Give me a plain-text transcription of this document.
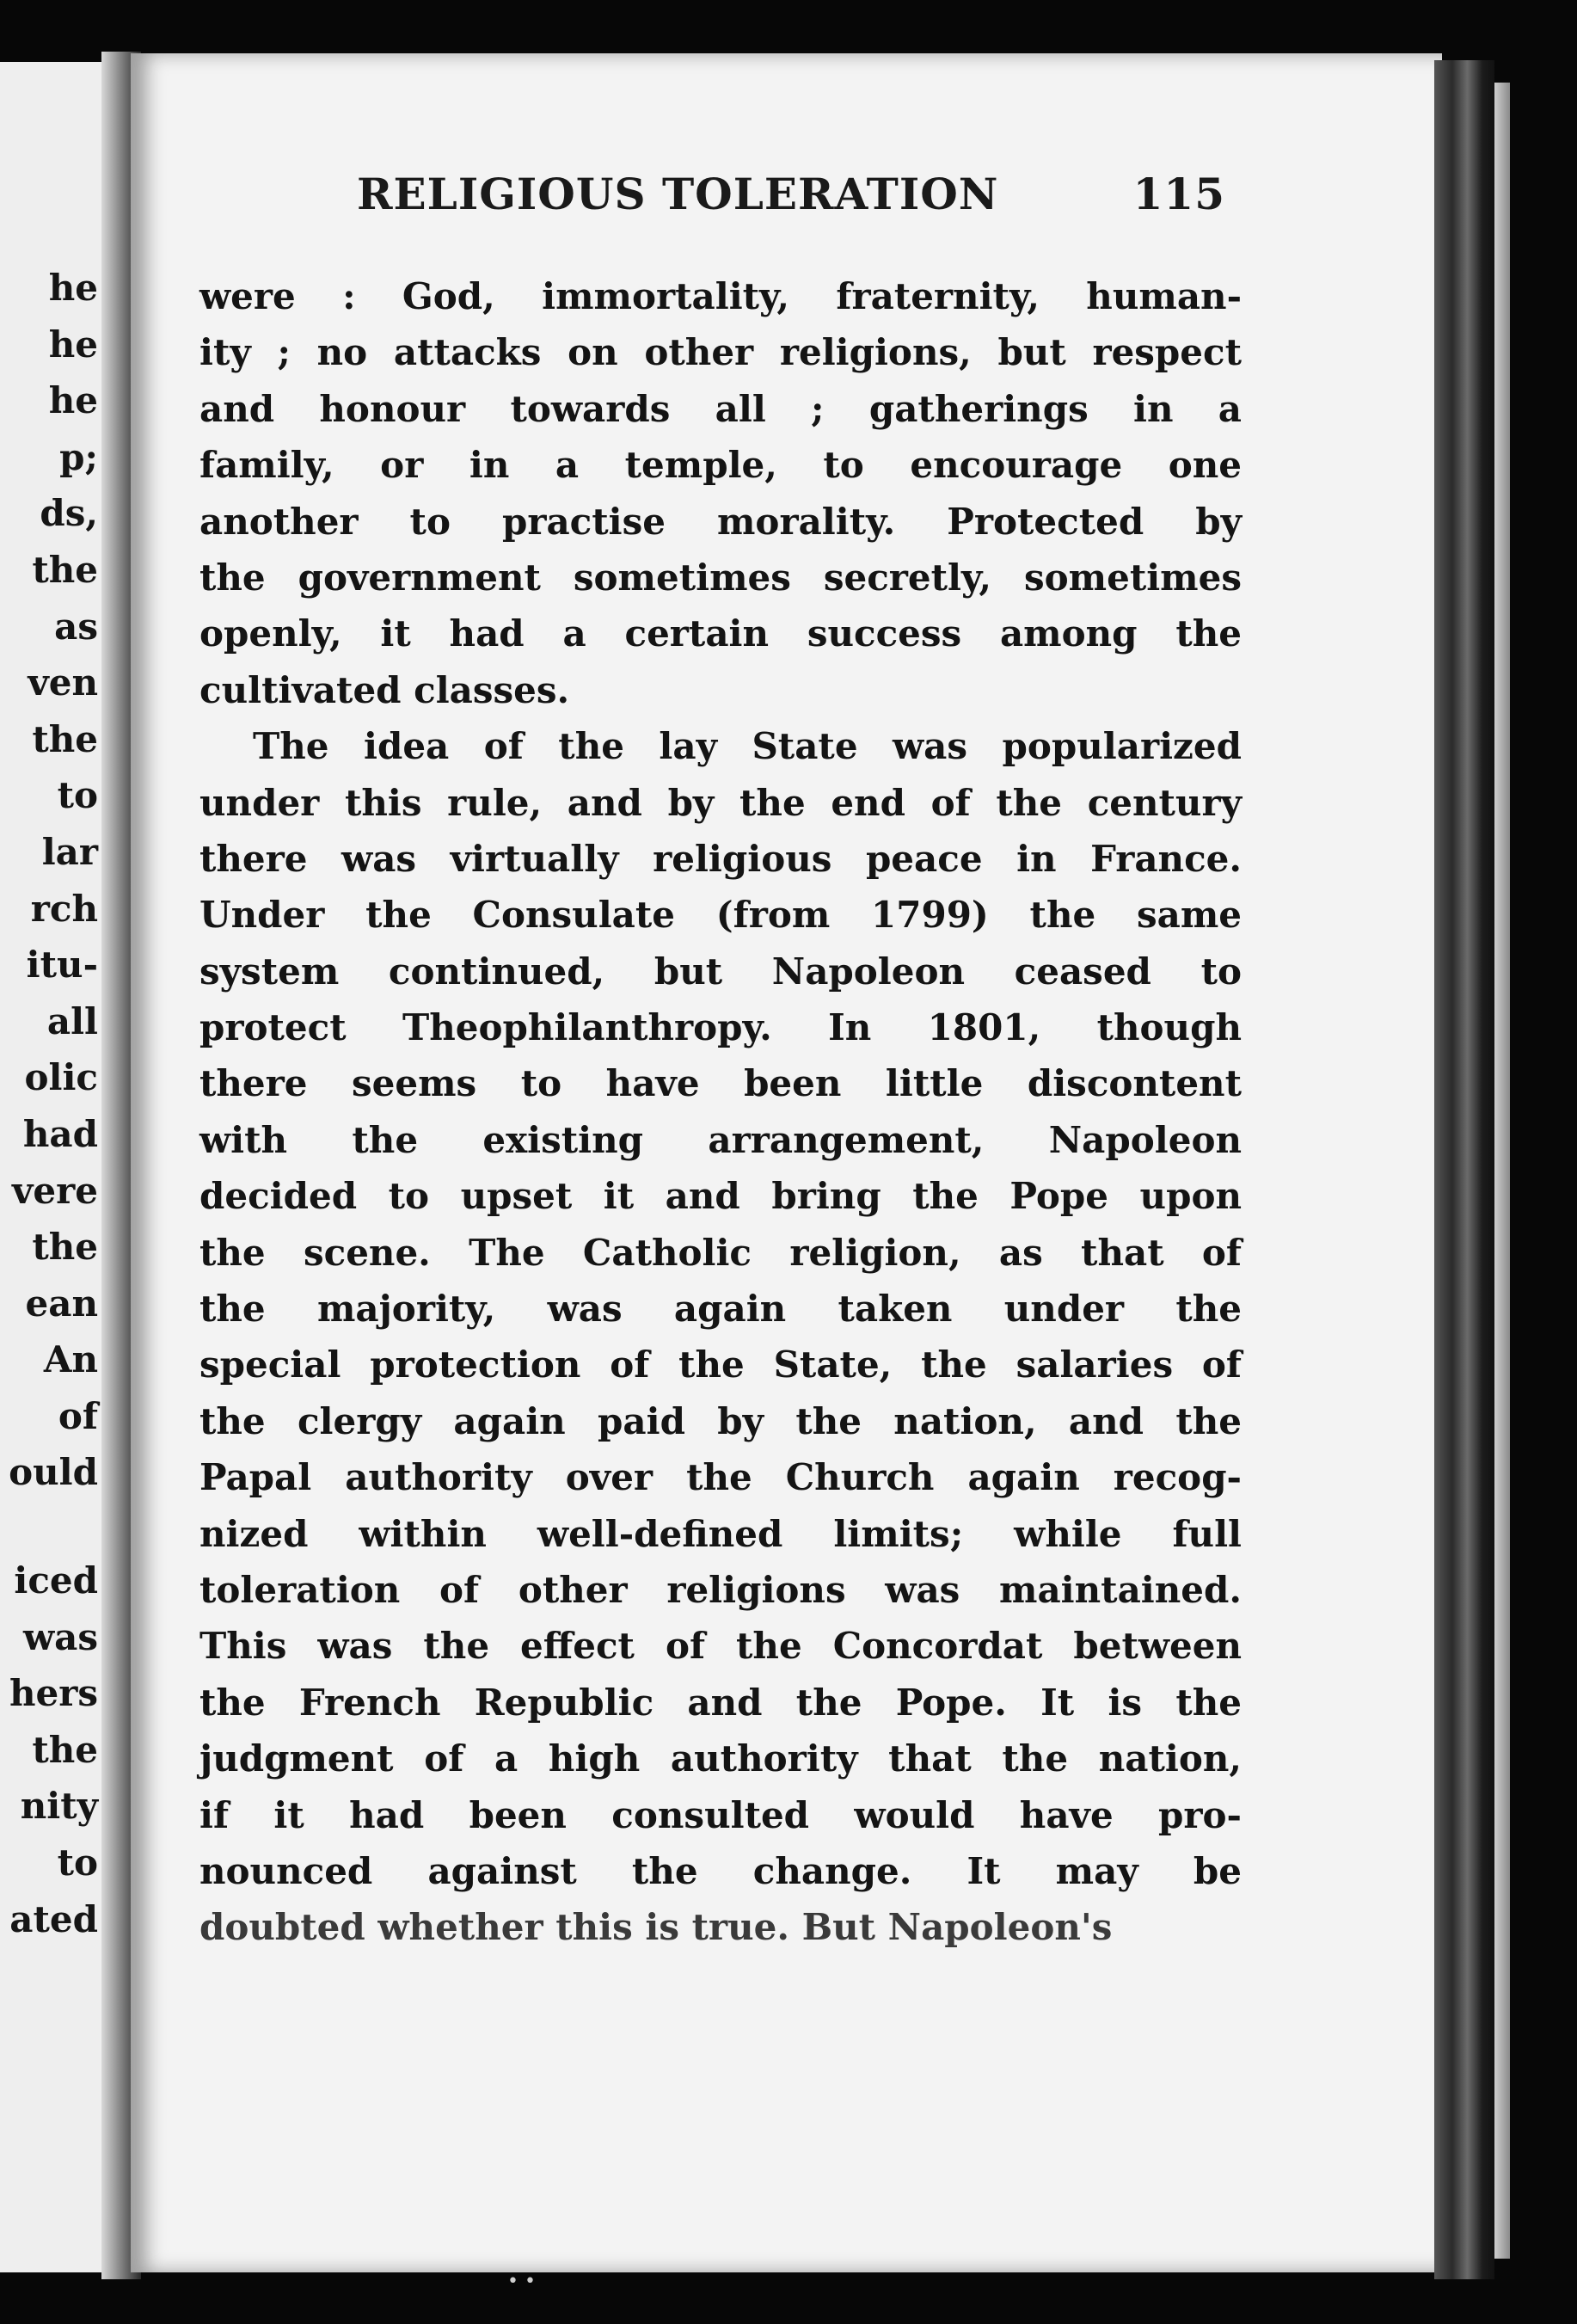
he
he
he
p;
ds,
the
as
ven
the
to
lar
rch
itu-
all
olic
had
vere
the
ean
An
of
ould

iced
was
hers
the
nity
to
ated
RELIGIOUS TOLERATION	115
were : God, immortality, fraternity, human-
ity ; no attacks on other religions, but respect
and honour towards all ; gatherings in a
family, or in a temple, to encourage one
another to practise morality. Protected by
the government sometimes secretly, sometimes
openly, it had a certain success among the
cultivated classes.
The idea of the lay State was popularized
under this rule, and by the end of the century
there was virtually religious peace in France.
Under the Consulate (from 1799) the same
system continued, but Napoleon ceased to
protect Theophilanthropy. In 1801, though
there seems to have been little discontent
with the existing arrangement, Napoleon
decided to upset it and bring the Pope upon
the scene. The Catholic religion, as that of
the majority, was again taken under the
special protection of the State, the salaries of
the clergy again paid by the nation, and the
Papal authority over the Church again recog-
nized within well-defined limits; while full
toleration of other religions was maintained.
This was the effect of the Concordat between
the French Republic and the Pope. It is the
judgment of a high authority that the nation,
if it had been consulted would have pro-
nounced against the change. It may be
doubted whether this is true. But Napoleon's
• •
